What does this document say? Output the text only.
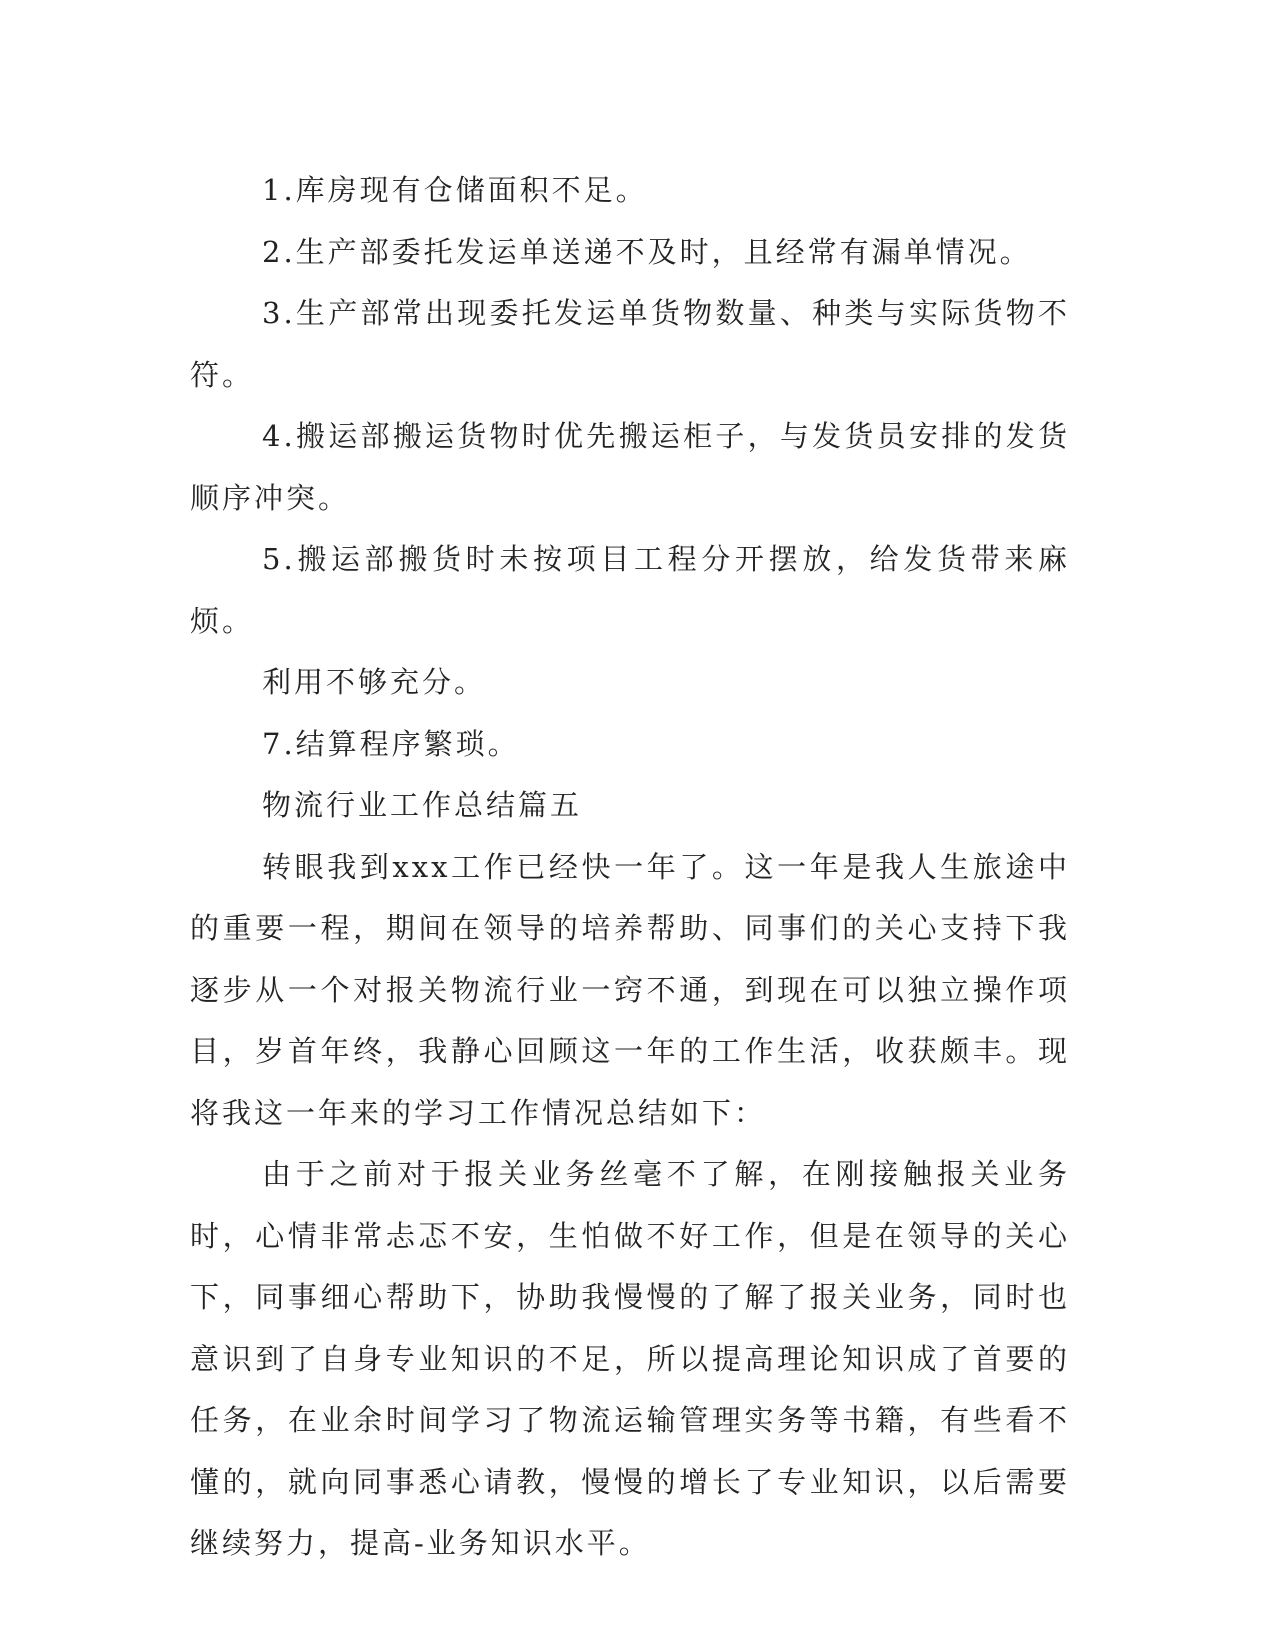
1.库房现有仓储面积不足。

2.生产部委托发运单送递不及时，且经常有漏单情况。

3.生产部常出现委托发运单货物数量、种类与实际货物不符。

4.搬运部搬运货物时优先搬运柜子，与发货员安排的发货顺序冲突。

5.搬运部搬货时未按项目工程分开摆放，给发货带来麻烦。

利用不够充分。

7.结算程序繁琐。

物流行业工作总结篇五

转眼我到xxx工作已经快一年了。这一年是我人生旅途中的重要一程，期间在领导的培养帮助、同事们的关心支持下我逐步从一个对报关物流行业一窍不通，到现在可以独立操作项目，岁首年终，我静心回顾这一年的工作生活，收获颇丰。现将我这一年来的学习工作情况总结如下：

由于之前对于报关业务丝毫不了解，在刚接触报关业务时，心情非常忐忑不安，生怕做不好工作，但是在领导的关心下，同事细心帮助下，协助我慢慢的了解了报关业务，同时也意识到了自身专业知识的不足，所以提高理论知识成了首要的任务，在业余时间学习了物流运输管理实务等书籍，有些看不懂的，就向同事悉心请教，慢慢的增长了专业知识，以后需要继续努力，提高-业务知识水平。
